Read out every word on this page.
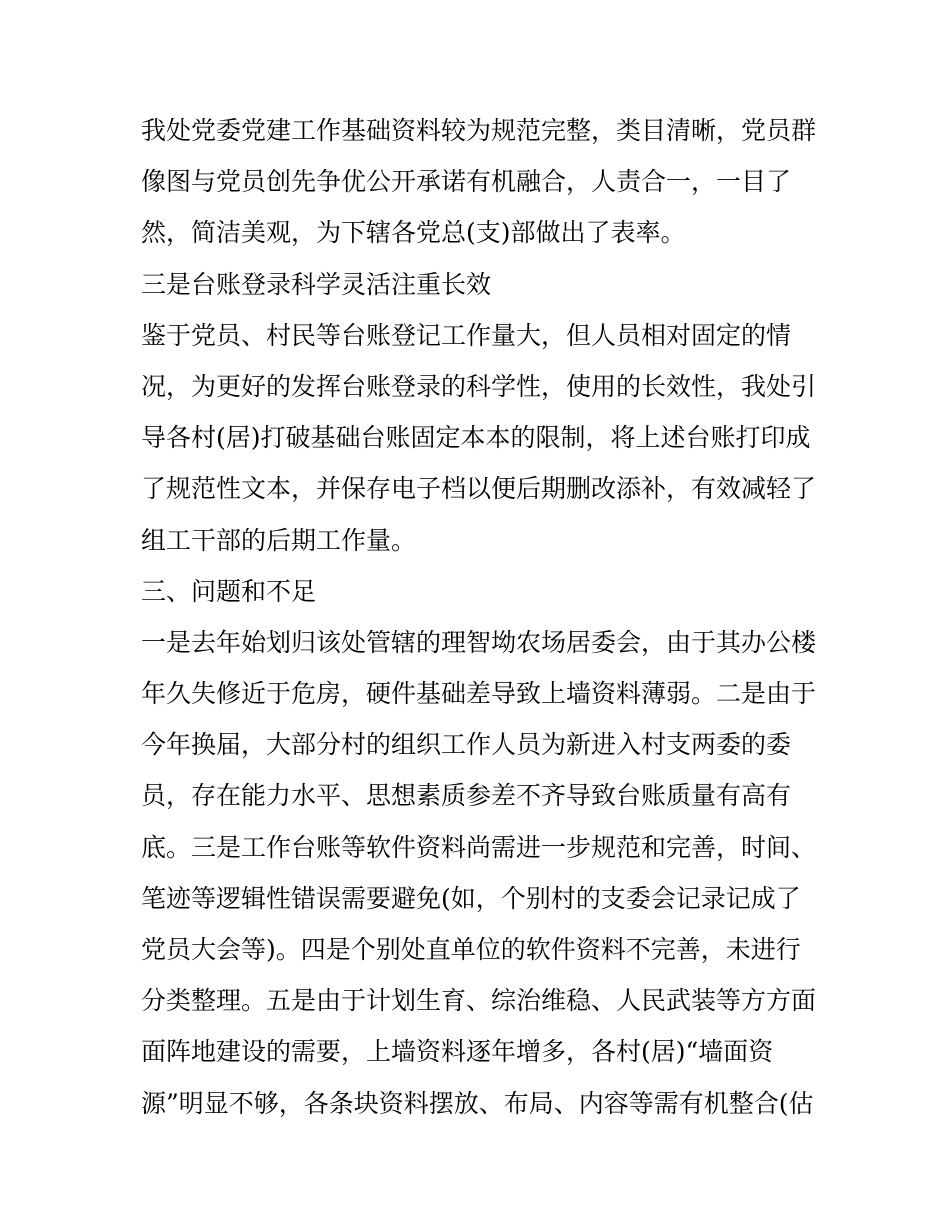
我处党委党建工作基础资料较为规范完整，类目清晰，党员群
像图与党员创先争优公开承诺有机融合，人责合一，一目了
然，简洁美观，为下辖各党总(支)部做出了表率。
三是台账登录科学灵活注重长效
鉴于党员、村民等台账登记工作量大，但人员相对固定的情
况，为更好的发挥台账登录的科学性，使用的长效性，我处引
导各村(居)打破基础台账固定本本的限制，将上述台账打印成
了规范性文本，并保存电子档以便后期删改添补，有效减轻了
组工干部的后期工作量。
三、问题和不足
一是去年始划归该处管辖的理智坳农场居委会，由于其办公楼
年久失修近于危房，硬件基础差导致上墙资料薄弱。二是由于
今年换届，大部分村的组织工作人员为新进入村支两委的委
员，存在能力水平、思想素质参差不齐导致台账质量有高有
底。三是工作台账等软件资料尚需进一步规范和完善，时间、
笔迹等逻辑性错误需要避免(如，个别村的支委会记录记成了
党员大会等)。四是个别处直单位的软件资料不完善，未进行
分类整理。五是由于计划生育、综治维稳、人民武装等方方面
面阵地建设的需要，上墙资料逐年增多，各村(居)“墙面资
源”明显不够，各条块资料摆放、布局、内容等需有机整合(估
